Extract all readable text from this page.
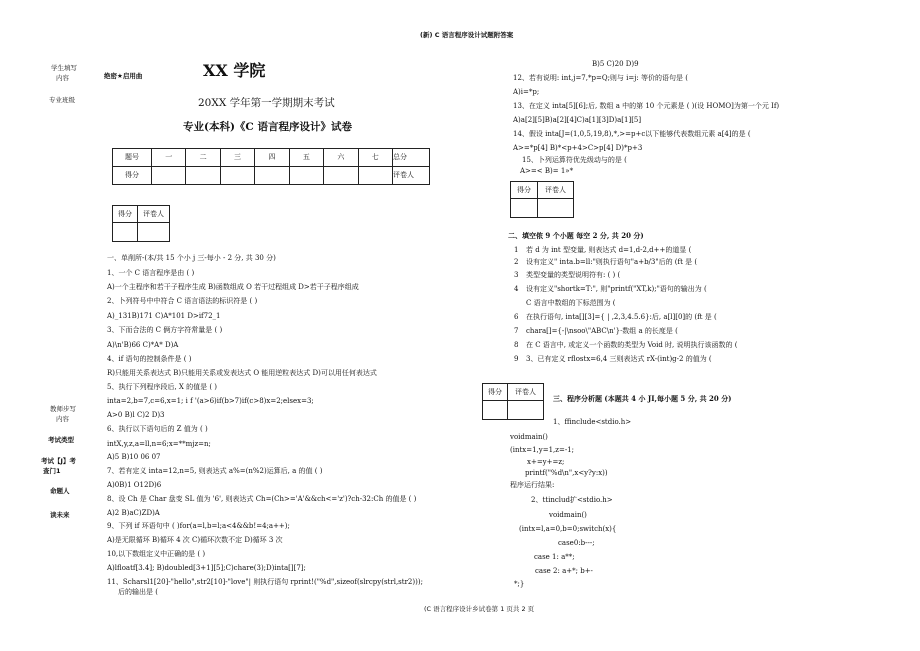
(新) C 语言程序设计试题附答案
学生填写
内容
专业班级
教师步写
内容
考试类型
考试【J】考
查门1
命题人
读未来
绝密★启用曲	XX 学院
20XX 学年第一学期期末考试
专业(本科)《C 语言程序设计》试卷
题号	一	二	三	四	五	六	七	总分
得分								评卷人
得分	评卷人

一、单削所-(本/共 15 个小 j 三-每小 - 2 分, 共 30 分)
1、一个 C 语言程序是由 ( )
A)一个主程序和若干子程序生成 B)函数组成 O 若干过程组成 D>若干子程序组成
2、卜列符号中中符合 C 语言语法的标识符是 ( )
A)_131B)171 C)A*101 D>if72_1
3、下而合法的 C 俩方字符常量是 ( )
A)\n'B)66 C)*A* D)A
4、if 语句的控制条件是 ( )
R)只能用关系表达式 B)只能用关系或发表达式 O 能用逆粒表达式 D)可以用任何表达式
5、执行下列程序段后, X 的值是 ( )
inta=2,b=7,c=6,x=1; i f '(a>6)if(b>7)if(c>8)x=2;elsex=3;
A>0 B)l C)2 D)3
6、执行以下语句后的 Z 值为 ( )
intX,y,z,a=ll,n=6;x=**mjz=n;
A)5 B)10 06 07
7、若有定义 inta=12,n=5, 则表达式 a%=(n%2)运算后, a 的值 ( )
A)0B)1 O12D)6
8、设 Ch 是 Char 盘变 SL 值为 '6', 则表达式 Ch=(Ch>='A'&&ch<='z')?ch-32:Ch 的值是 ( )
A)2 B)aC)ZD)A
9、下列 if 环语句中 ( )for(a=l,b=l;a<4&&b!=4;a++);
A)是无限循环 B)循环 4 次 C)循环次数不定 D)循环 3 次
10,以下数组定义中正确的是 ( )
A)lfloatf[3.4]; B)doubled[3+1][5];C)chare(3);D)inta[][7];
11、Scharsl1[20]-"hello",str2[10]-"love"| 则执行语句 rprint!("%d",sizeof(slrcpy(strl,str2)));
后的输出是 (
B)5 C)20 D)9
12、若有说明: int,j=7,*p=Q;则与 i=j: 等价的语句是 (
A)i=*p;
13、在定义 inta[5][6];后, 数组 a 中的第 10 个元素是 ( )(设 HOMO]为第一个元 If)
A)a[2][5]B)a[2][4]C)a[1][3]D)a[1][5]
14、假设 inta[J=(1,0,5,19,8),*,>=p+c以下能够代表数组元素 a[4]的是 (
A>=*p[4] B)*<p+4>C>p[4] D)*p+3
15、卜列运算符优先级动与的是 (
A>=< B)= 1»*
得分	评卷人

二、填空侬 9 个小题 每空 2 分, 共 20 分)
1 若 d 为 int 型变量, 则表达式 d=1,d-2,d++的道显 (
2 设有定义" intа.b=ll:"则执行语句"a+b/3"后的 (ft 是 (
3 类型变量的类型说明符有: ( ) (
4 设有定义"shortk=T:", 则"printf("XT,k);"语句的输出为 (
C 语言中数组的下标范围为 (
6 在执行语句, inta[][3]={ | ,2,3,4.5.6}:后, a[l][0]的 (ft 是 (
7 chara[]={-|\nsoo\"ABC\n'}·数组 a 的长度是 (
8 在 C 语言中, 或定义一个函数的类型为 Void 时, 说明执行该函数的 (
9 3、已有定义 rflostx=6,4 三则表达式 rX-(int)g-2 的值为 (
得分	评卷人

三、程序分析题 (本题共 4 小 JI,每小题 5 分, 共 20 分)
1、ffinclude<stdio.h>
voidmain()
(intx=1,y=1,z=-1;
x+=y+=z;
printf("%d\n",x<y?y:x))
程序运行结果:
2、ttinclud扩<stdio.h>
voidmain()
(intx=l,a=0,b=0;switch(x){
case0:b---;
case 1: a**;
case 2: a+*; b+-
*;}
(C 语言程序设计乡试卷第 1 页共 2 页
